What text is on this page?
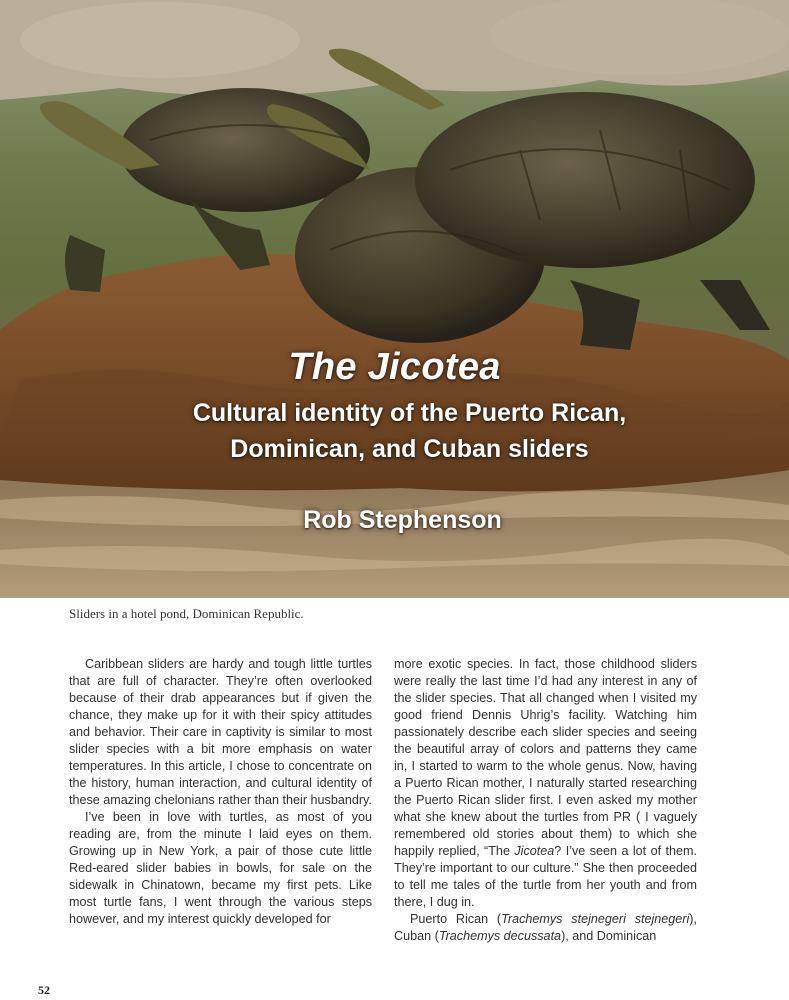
The Jicotea
Cultural identity of the Puerto Rican,
Dominican, and Cuban sliders
Rob Stephenson
Sliders in a hotel pond, Dominican Republic.

Caribbean sliders are hardy and tough little turtles that are full of character. They’re often overlooked because of their drab appearances but if given the chance, they make up for it with their spicy attitudes and behavior. Their care in captivity is similar to most slider species with a bit more emphasis on water temperatures. In this article, I chose to concentrate on the history, human interaction, and cultural identity of these amazing chelonians rather than their husbandry.

I’ve been in love with turtles, as most of you reading are, from the minute I laid eyes on them. Growing up in New York, a pair of those cute little Red-eared slider babies in bowls, for sale on the sidewalk in Chinatown, became my first pets. Like most turtle fans, I went through the various steps however, and my interest quickly developed for

more exotic species. In fact, those childhood sliders were really the last time I’d had any interest in any of the slider species. That all changed when I visited my good friend Dennis Uhrig’s facility. Watching him passionately describe each slider species and seeing the beautiful array of colors and patterns they came in, I started to warm to the whole genus. Now, having a Puerto Rican mother, I naturally started researching the Puerto Rican slider first. I even asked my mother what she knew about the turtles from PR ( I vaguely remembered old stories about them) to which she happily replied, “The Jicotea? I’ve seen a lot of them. They’re important to our culture.” She then proceeded to tell me tales of the turtle from her youth and from there, I dug in.

Puerto Rican (Trachemys stejnegeri stejnegeri), Cuban (Trachemys decussata), and Dominican

52
